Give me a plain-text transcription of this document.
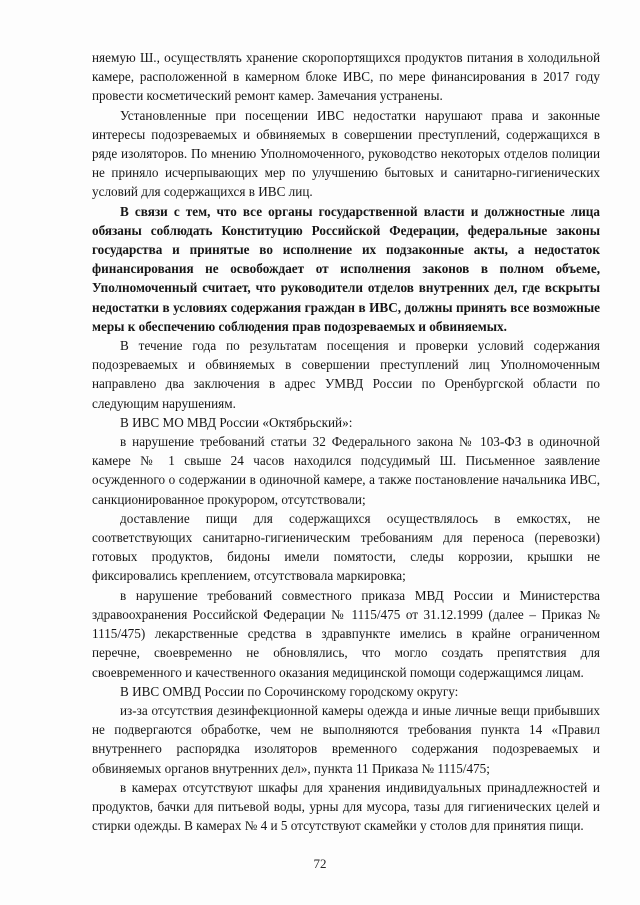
няемую Ш., осуществлять хранение скоропортящихся продуктов питания в холодильной камере, расположенной в камерном блоке ИВС, по мере финансирования в 2017 году провести косметический ремонт камер. Замечания устранены.

Установленные при посещении ИВС недостатки нарушают права и законные интересы подозреваемых и обвиняемых в совершении преступлений, содержащихся в ряде изоляторов. По мнению Уполномоченного, руководство некоторых отделов полиции не приняло исчерпывающих мер по улучшению бытовых и санитарно-гигиенических условий для содержащихся в ИВС лиц.

В связи с тем, что все органы государственной власти и должностные лица обязаны соблюдать Конституцию Российской Федерации, федеральные законы государства и принятые во исполнение их подзаконные акты, а недостаток финансирования не освобождает от исполнения законов в полном объеме, Уполномоченный считает, что руководители отделов внутренних дел, где вскрыты недостатки в условиях содержания граждан в ИВС, должны принять все возможные меры к обеспечению соблюдения прав подозреваемых и обвиняемых.

В течение года по результатам посещения и проверки условий содержания подозреваемых и обвиняемых в совершении преступлений лиц Уполномоченным направлено два заключения в адрес УМВД России по Оренбургской области по следующим нарушениям.

В ИВС МО МВД России «Октябрьский»:

в нарушение требований статьи 32 Федерального закона № 103-ФЗ в одиночной камере № 1 свыше 24 часов находился подсудимый Ш. Письменное заявление осужденного о содержании в одиночной камере, а также постановление начальника ИВС, санкционированное прокурором, отсутствовали;

доставление пищи для содержащихся осуществлялось в емкостях, не соответствующих санитарно-гигиеническим требованиям для переноса (перевозки) готовых продуктов, бидоны имели помятости, следы коррозии, крышки не фиксировались креплением, отсутствовала маркировка;

в нарушение требований совместного приказа МВД России и Министерства здравоохранения Российской Федерации № 1115/475 от 31.12.1999 (далее – Приказ № 1115/475) лекарственные средства в здравпункте имелись в крайне ограниченном перечне, своевременно не обновлялись, что могло создать препятствия для своевременного и качественного оказания медицинской помощи содержащимся лицам.

В ИВС ОМВД России по Сорочинскому городскому округу:

из-за отсутствия дезинфекционной камеры одежда и иные личные вещи прибывших не подвергаются обработке, чем не выполняются требования пункта 14 «Правил внутреннего распорядка изоляторов временного содержания подозреваемых и обвиняемых органов внутренних дел», пункта 11 Приказа № 1115/475;

в камерах отсутствуют шкафы для хранения индивидуальных принадлежностей и продуктов, бачки для питьевой воды, урны для мусора, тазы для гигиенических целей и стирки одежды. В камерах № 4 и 5 отсутствуют скамейки у столов для принятия пищи.

72
